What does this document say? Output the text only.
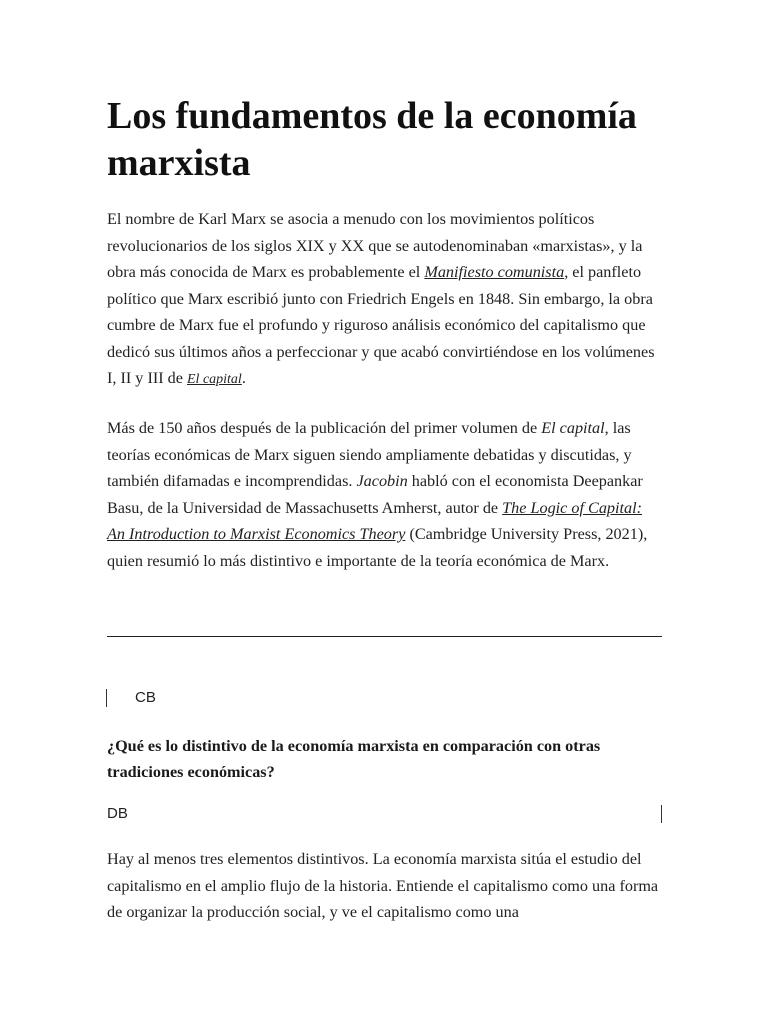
Los fundamentos de la economía marxista

El nombre de Karl Marx se asocia a menudo con los movimientos políticos revolucionarios de los siglos XIX y XX que se autodenominaban «marxistas», y la obra más conocida de Marx es probablemente el Manifiesto comunista, el panfleto político que Marx escribió junto con Friedrich Engels en 1848. Sin embargo, la obra cumbre de Marx fue el profundo y riguroso análisis económico del capitalismo que dedicó sus últimos años a perfeccionar y que acabó convirtiéndose en los volúmenes I, II y III de El capital.

Más de 150 años después de la publicación del primer volumen de El capital, las teorías económicas de Marx siguen siendo ampliamente debatidas y discutidas, y también difamadas e incomprendidas. Jacobin habló con el economista Deepankar Basu, de la Universidad de Massachusetts Amherst, autor de The Logic of Capital: An Introduction to Marxist Economics Theory (Cambridge University Press, 2021), quien resumió lo más distintivo e importante de la teoría económica de Marx.

CB

¿Qué es lo distintivo de la economía marxista en comparación con otras tradiciones económicas?

DB

Hay al menos tres elementos distintivos. La economía marxista sitúa el estudio del capitalismo en el amplio flujo de la historia. Entiende el capitalismo como una forma de organizar la producción social, y ve el capitalismo como una
